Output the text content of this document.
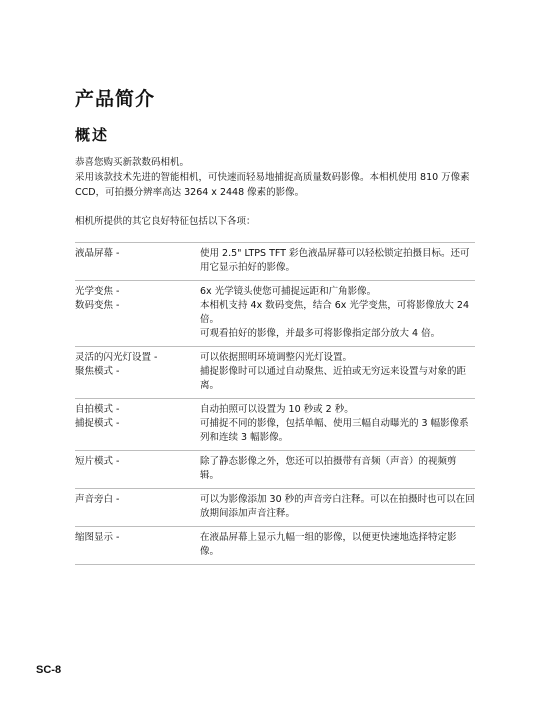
产品简介
概述

恭喜您购买新款数码相机。

采用该款技术先进的智能相机，可快速而轻易地捕捉高质量数码影像。本相机使用 810 万像素 CCD，可拍摄分辨率高达 3264 x 2448 像素的影像。

相机所提供的其它良好特征包括以下各项：

液晶屏幕 -	使用 2.5" LTPS TFT 彩色液晶屏幕可以轻松锁定拍摄目标。还可用它显示拍好的影像。
光学变焦 -	6x 光学镜头使您可捕捉远距和广角影像。
数码变焦 -	本相机支持 4x 数码变焦，结合 6x 光学变焦，可将影像放大 24 倍。
可观看拍好的影像，并最多可将影像指定部分放大 4 倍。
灵活的闪光灯设置 -	可以依据照明环境调整闪光灯设置。
聚焦模式 -	捕捉影像时可以通过自动聚焦、近拍或无穷远来设置与对象的距离。
自拍模式 -	自动拍照可以设置为 10 秒或 2 秒。
捕捉模式 -	可捕捉不同的影像，包括单幅、使用三幅自动曝光的 3 幅影像系列和连续 3 幅影像。
短片模式 -	除了静态影像之外，您还可以拍摄带有音频（声音）的视频剪辑。
声音旁白 -	可以为影像添加 30 秒的声音旁白注释。可以在拍摄时也可以在回放期间添加声音注释。
缩图显示 -	在液晶屏幕上显示九幅一组的影像，以便更快速地选择特定影像。
SC-8
